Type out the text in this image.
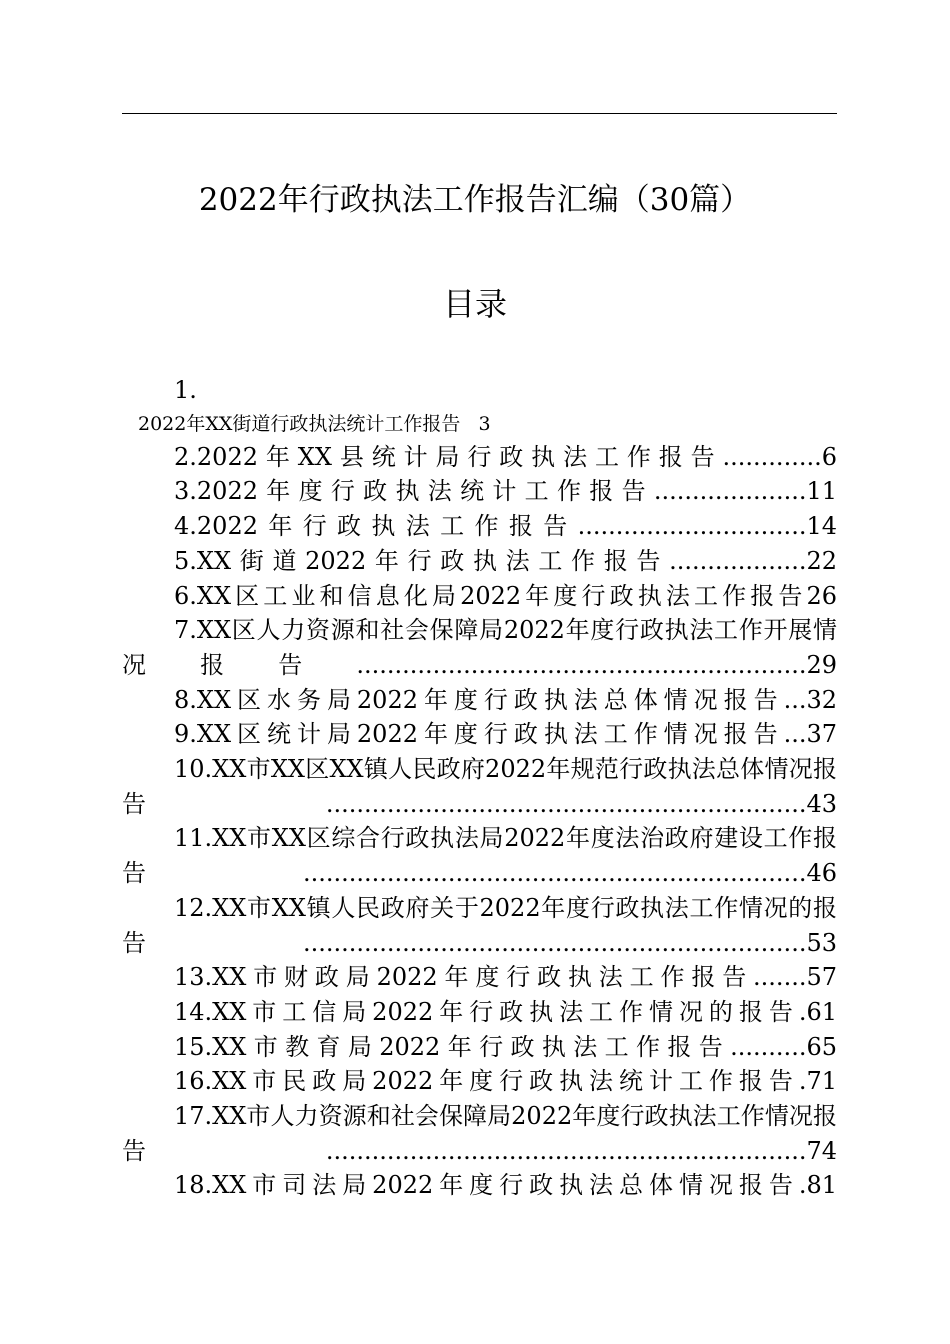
2022年行政执法工作报告汇编（30篇）
目录

1.
2022年XX街道行政执法统计工作报告 3

2.2022年XX县统计局行政执法工作报告.............6

3.2022年度行政执法统计工作报告....................11

4.2022年行政执法工作报告..............................14

5.XX街道2022年行政执法工作报告..................22

6.XX区工业和信息化局2022年度行政执法工作报告26

7.XX区人力资源和社会保障局2022年度行政执法工作开展情况报告...........................................................29

8.XX区水务局2022年度行政执法总体情况报告...32

9.XX区统计局2022年度行政执法工作情况报告...37

10.XX市XX区XX镇人民政府2022年规范行政执法总体情况报告...............................................................43

11.XX市XX区综合行政执法局2022年度法治政府建设工作报告..................................................................46

12.XX市XX镇人民政府关于2022年度行政执法工作情况的报告..................................................................53

13.XX市财政局2022年度行政执法工作报告.......57

14.XX市工信局2022年行政执法工作情况的报告.61

15.XX市教育局2022年行政执法工作报告..........65

16.XX市民政局2022年度行政执法统计工作报告.71

17.XX市人力资源和社会保障局2022年度行政执法工作情况报告...............................................................74

18.XX市司法局2022年度行政执法总体情况报告.81
